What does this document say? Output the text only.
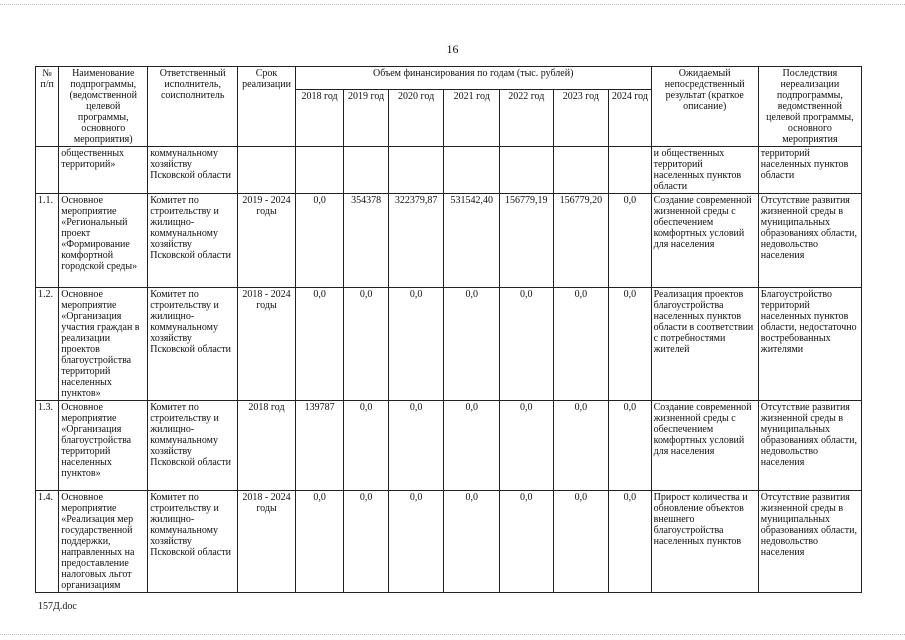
16
№ п/п	Наименование подпрограммы, (ведомственной целевой программы, основного мероприятия)	Ответственный исполнитель, соисполнитель	Срок реализации	Объем финансирования по годам (тыс. рублей)							Ожидаемый непосредственный результат (краткое описание)	Последствия нереализации подпрограммы, ведомственной целевой программы, основного мероприятия
				2018 год	2019 год	2020 год	2021 год	2022 год	2023 год	2024 год		
	общественных территорий»	коммунальному хозяйству Псковской области									и общественных территорий населенных пунктов области	территорий населенных пунктов области
1.1.	Основное мероприятие «Региональный проект «Формирование комфортной городской среды»	Комитет по строительству и жилищно-коммунальному хозяйству Псковской области	2019 - 2024 годы	0,0	354378	322379,87	531542,40	156779,19	156779,20	0,0	Создание современной жизненной среды с обеспечением комфортных условий для населения	Отсутствие развития жизненной среды в муниципальных образованиях области, недовольство населения
1.2.	Основное мероприятие «Организация участия граждан в реализации проектов благоустройства территорий населенных пунктов»	Комитет по строительству и жилищно-коммунальному хозяйству Псковской области	2018 - 2024 годы	0,0	0,0	0,0	0,0	0,0	0,0	0,0	Реализация проектов благоустройства населенных пунктов области в соответствии с потребностями жителей	Благоустройство территорий населенных пунктов области, недостаточно востребованных жителями
1.3.	Основное мероприятие «Организация благоустройства территорий населенных пунктов»	Комитет по строительству и жилищно-коммунальному хозяйству Псковской области	2018 год	139787	0,0	0,0	0,0	0,0	0,0	0,0	Создание современной жизненной среды с обеспечением комфортных условий для населения	Отсутствие развития жизненной среды в муниципальных образованиях области, недовольство населения
1.4.	Основное мероприятие «Реализация мер государственной поддержки, направленных на предоставление налоговых льгот организациям	Комитет по строительству и жилищно-коммунальному хозяйству Псковской области	2018 - 2024 годы	0,0	0,0	0,0	0,0	0,0	0,0	0,0	Прирост количества и обновление объектов внешнего благоустройства населенных пунктов	Отсутствие развития жизненной среды в муниципальных образованиях области, недовольство населения
157Д.doc
